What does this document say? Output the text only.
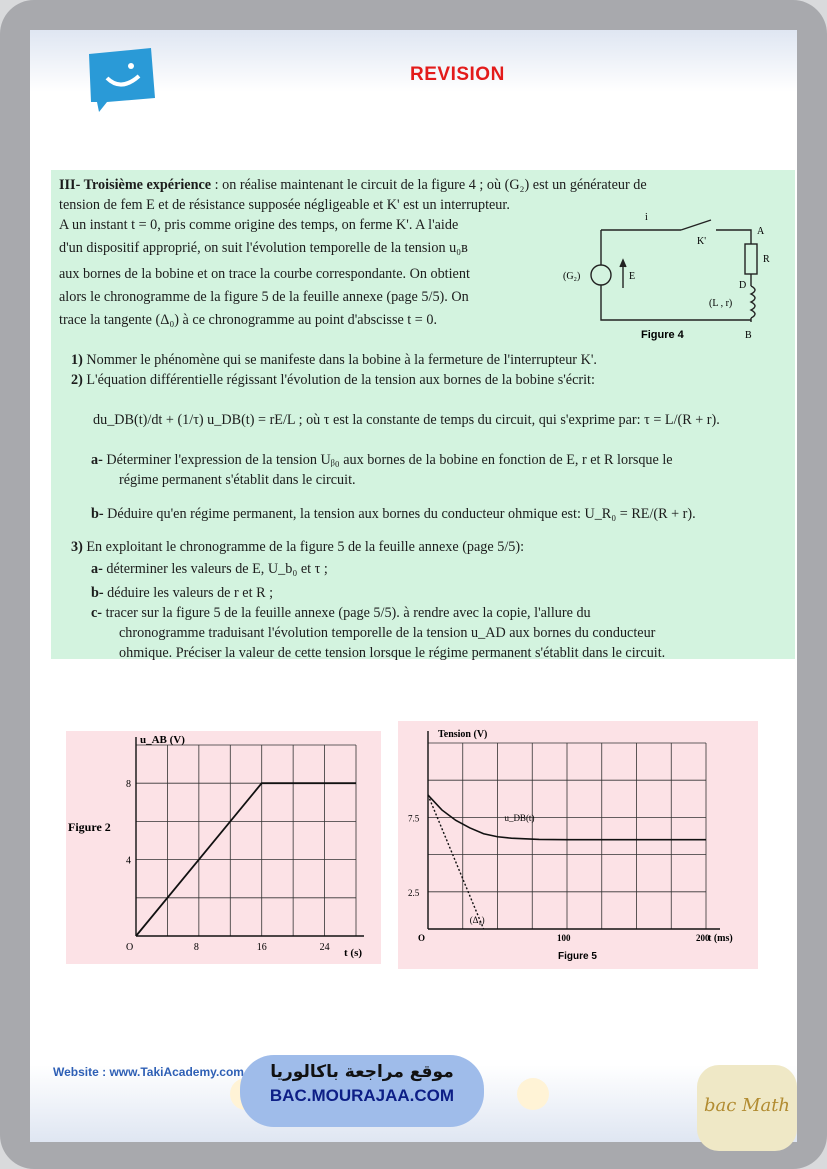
REVISION
III- Troisième expérience : on réalise maintenant le circuit de la figure 4 ; où (G₂) est un générateur de
tension de fem E et de résistance supposée négligeable et K' est un interrupteur.
A un instant t = 0, pris comme origine des temps, on ferme K'. A l'aide
d'un dispositif approprié, on suit l'évolution temporelle de la tension u₀ʙ
aux bornes de la bobine et on trace la courbe correspondante. On obtient
alors le chronogramme de la figure 5 de la feuille annexe (page 5/5). On
trace la tangente (Δ₀) à ce chronogramme au point d'abscisse t = 0.
i
(G₂)	E
K'
A
R
D
(L , r)
B
Figure 4
1) Nommer le phénomène qui se manifeste dans la bobine à la fermeture de l'interrupteur K'.
2) L'équation différentielle régissant l'évolution de la tension aux bornes de la bobine s'écrit:
du_DB(t)/dt + (1/τ) u_DB(t) = rE/L ; où τ est la constante de temps du circuit, qui s'exprime par: τ = L/(R + r).
a- Déterminer l'expression de la tension Uᵦ₀ aux bornes de la bobine en fonction de E, r et R lorsque le
régime permanent s'établit dans le circuit.
b- Déduire qu'en régime permanent, la tension aux bornes du conducteur ohmique est: U_R₀ = RE/(R + r).
3) En exploitant le chronogramme de la figure 5 de la feuille annexe (page 5/5):
a- déterminer les valeurs de E, U_b₀ et τ ;
b- déduire les valeurs de r et R ;
c- tracer sur la figure 5 de la feuille annexe (page 5/5). à rendre avec la copie, l'allure du
chronogramme traduisant l'évolution temporelle de la tension u_AD aux bornes du conducteur
ohmique. Préciser la valeur de cette tension lorsque le régime permanent s'établit dans le circuit.
u_AB (V)
t (s)
Figure 2
O	8	16	24
4
8
Tension (V)
t (ms)
Figure 5
O	100	200
2.5
7.5	u_DB(t)
(Δ₀)
Website : www.TakiAcademy.com	موقع مراجعة باكالوريا
BAC.MOURAJAA.COM	bac Math
